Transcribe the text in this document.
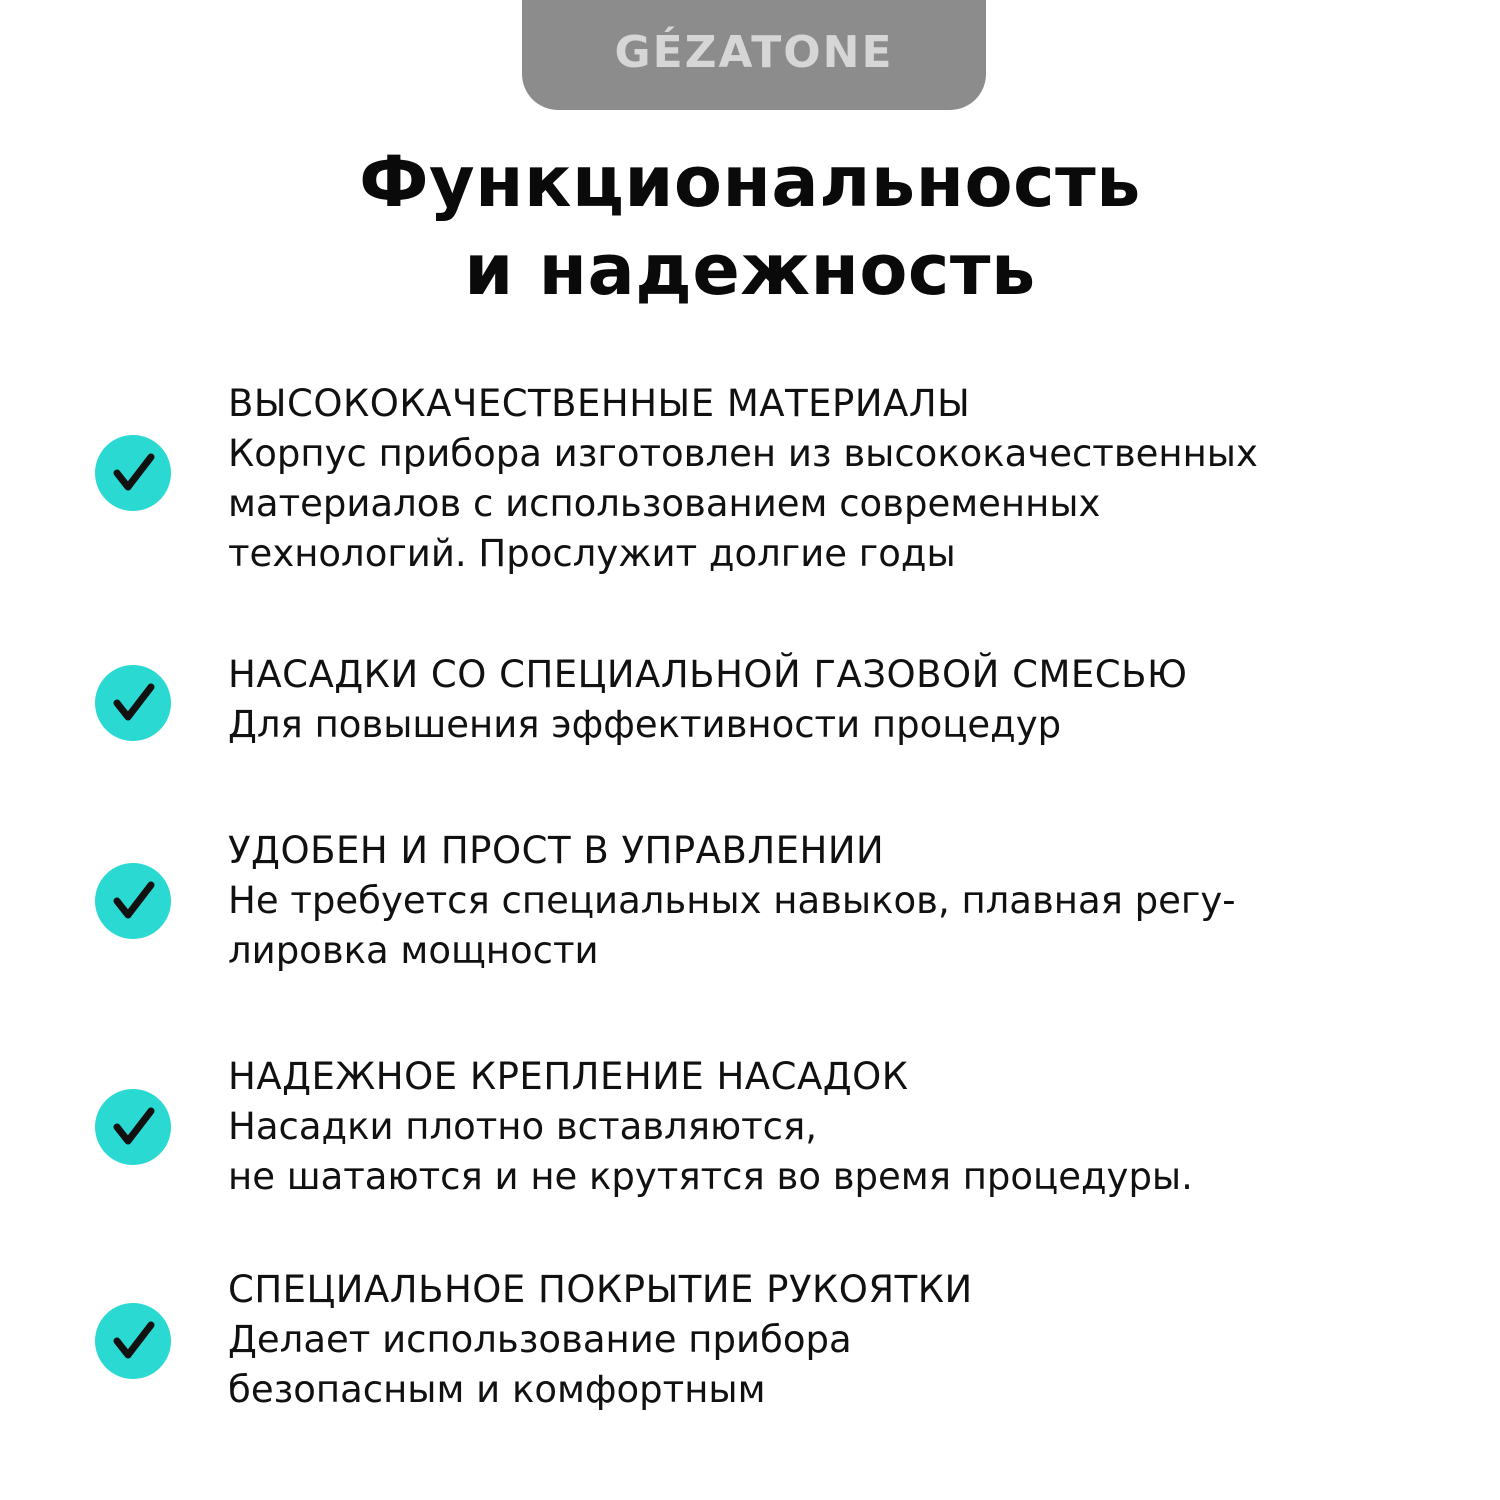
GÉZATONE
Функциональность
и надежность
ВЫСОКОКАЧЕСТВЕННЫЕ МАТЕРИАЛЫ
Корпус прибора изготовлен из высококачественных
материалов с использованием современных
технологий. Прослужит долгие годы
НАСАДКИ СО СПЕЦИАЛЬНОЙ ГАЗОВОЙ СМЕСЬЮ
Для повышения эффективности процедур
УДОБЕН И ПРОСТ В УПРАВЛЕНИИ
Не требуется специальных навыков, плавная регу-
лировка мощности
НАДЕЖНОЕ КРЕПЛЕНИЕ НАСАДОК
Насадки плотно вставляются,
не шатаются и не крутятся во время процедуры.
СПЕЦИАЛЬНОЕ ПОКРЫТИЕ РУКОЯТКИ
Делает использование прибора
безопасным и комфортным
